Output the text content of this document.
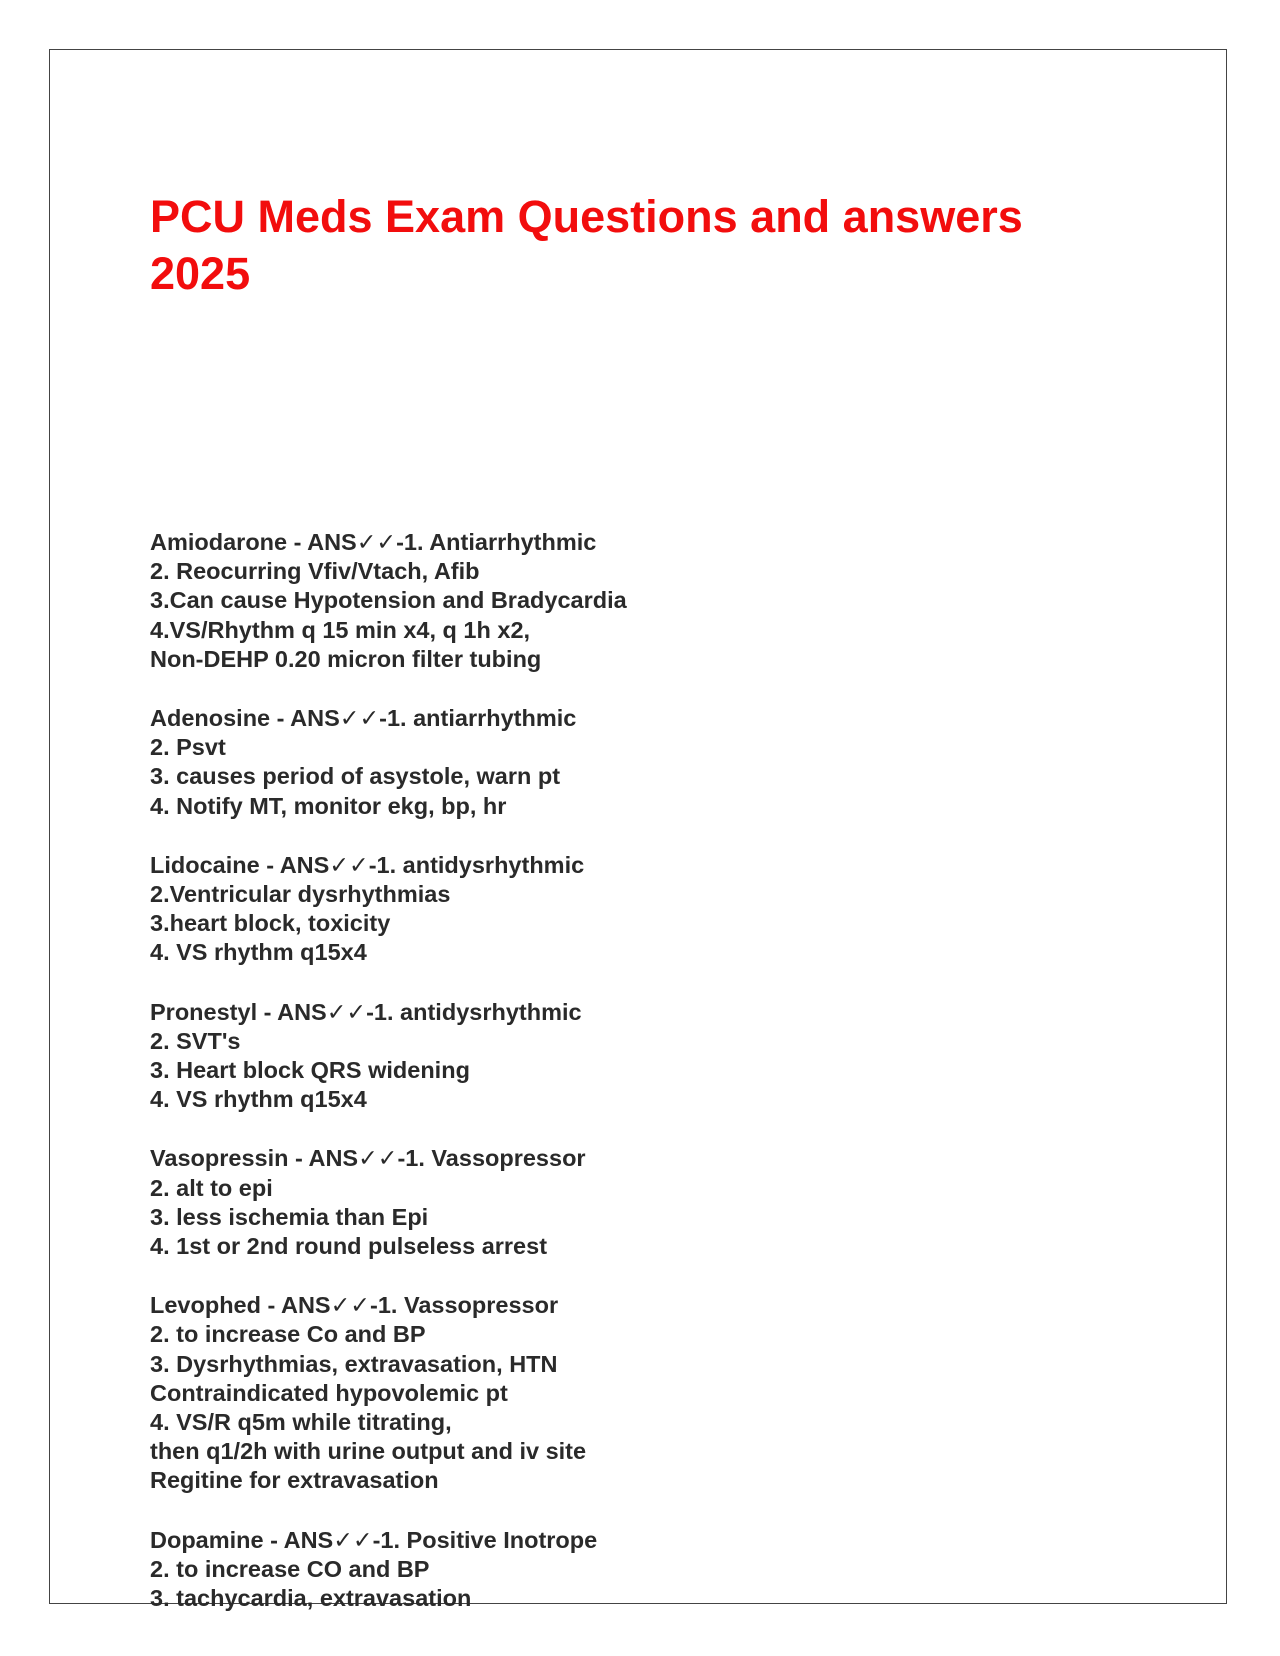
PCU Meds Exam Questions and answers
2025
Amiodarone - ANS✓✓-1. Antiarrhythmic
2. Reocurring Vfiv/Vtach, Afib
3.Can cause Hypotension and Bradycardia
4.VS/Rhythm q 15 min x4, q 1h x2,
Non-DEHP 0.20 micron filter tubing
Adenosine - ANS✓✓-1. antiarrhythmic
2. Psvt
3. causes period of asystole, warn pt
4. Notify MT, monitor ekg, bp, hr
Lidocaine - ANS✓✓-1. antidysrhythmic
2.Ventricular dysrhythmias
3.heart block, toxicity
4. VS rhythm q15x4
Pronestyl - ANS✓✓-1. antidysrhythmic
2. SVT's
3. Heart block QRS widening
4. VS rhythm q15x4
Vasopressin - ANS✓✓-1. Vassopressor
2. alt to epi
3. less ischemia than Epi
4. 1st or 2nd round pulseless arrest
Levophed - ANS✓✓-1. Vassopressor
2. to increase Co and BP
3. Dysrhythmias, extravasation, HTN
Contraindicated hypovolemic pt
4. VS/R q5m while titrating,
then q1/2h with urine output and iv site
Regitine for extravasation
Dopamine - ANS✓✓-1. Positive Inotrope
2. to increase CO and BP
3. tachycardia, extravasation
